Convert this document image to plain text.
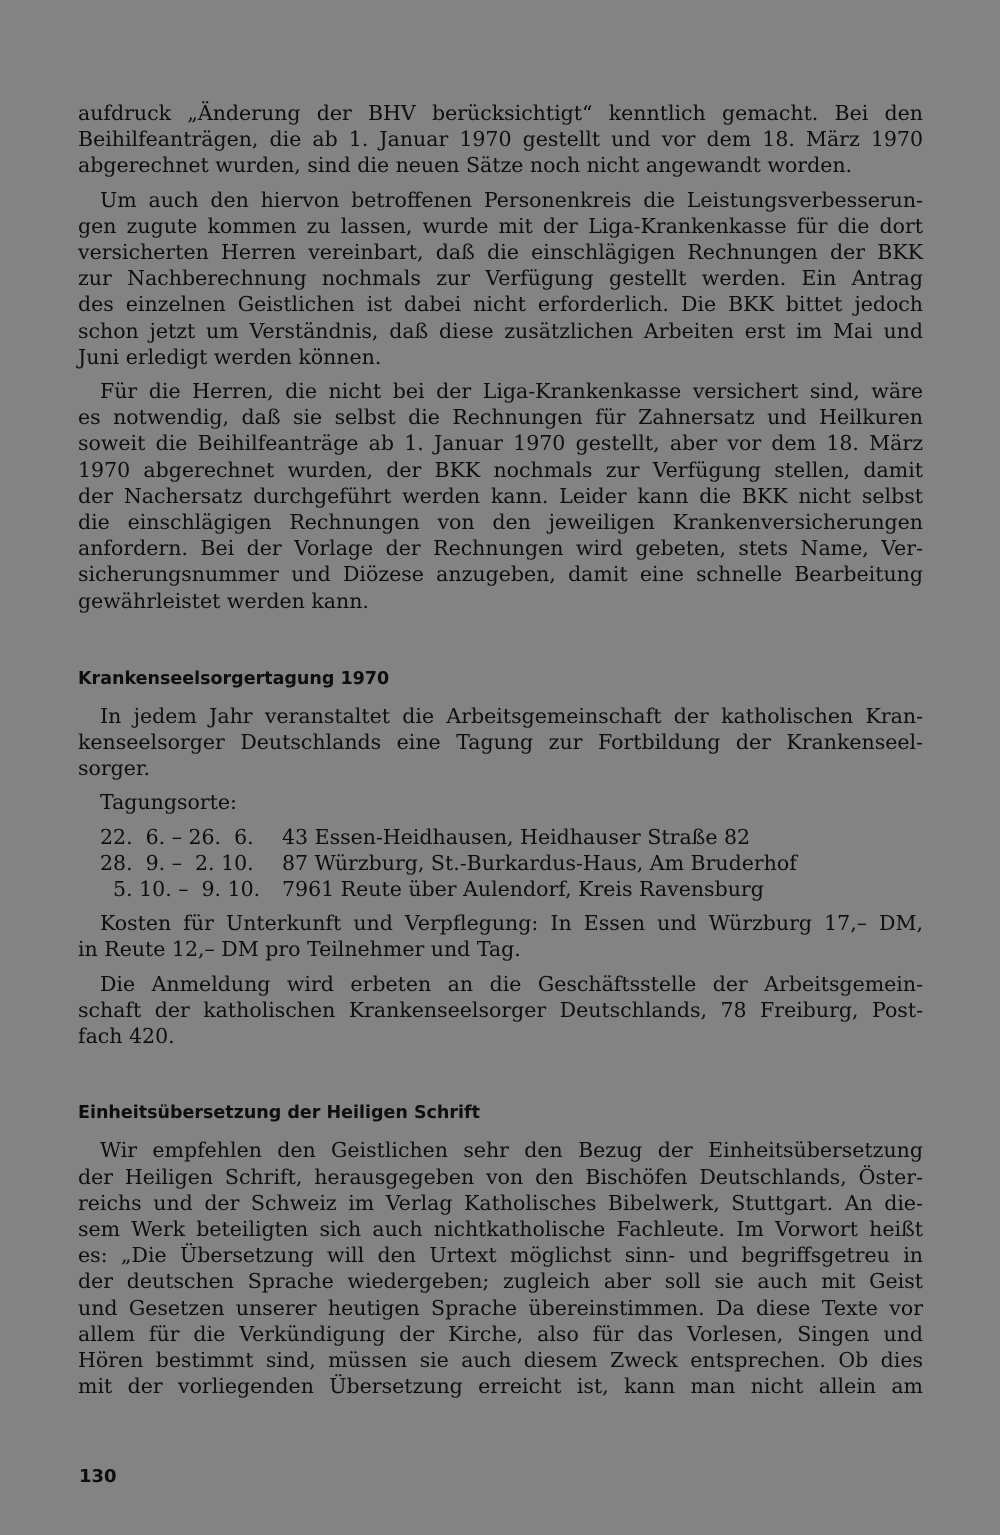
aufdruck „Änderung der BHV berücksichtigt“ kenntlich gemacht. Bei den

Beihilfeanträgen, die ab 1. Januar 1970 gestellt und vor dem 18. März 1970

abgerechnet wurden, sind die neuen Sätze noch nicht angewandt worden.

Um auch den hiervon betroffenen Personenkreis die Leistungsverbesserun-

gen zugute kommen zu lassen, wurde mit der Liga-Krankenkasse für die dort

versicherten Herren vereinbart, daß die einschlägigen Rechnungen der BKK

zur Nachberechnung nochmals zur Verfügung gestellt werden. Ein Antrag

des einzelnen Geistlichen ist dabei nicht erforderlich. Die BKK bittet jedoch

schon jetzt um Verständnis, daß diese zusätzlichen Arbeiten erst im Mai und

Juni erledigt werden können.

Für die Herren, die nicht bei der Liga-Krankenkasse versichert sind, wäre

es notwendig, daß sie selbst die Rechnungen für Zahnersatz und Heilkuren

soweit die Beihilfeanträge ab 1. Januar 1970 gestellt, aber vor dem 18. März

1970 abgerechnet wurden, der BKK nochmals zur Verfügung stellen, damit

der Nachersatz durchgeführt werden kann. Leider kann die BKK nicht selbst

die einschlägigen Rechnungen von den jeweiligen Krankenversicherungen

anfordern. Bei der Vorlage der Rechnungen wird gebeten, stets Name, Ver-

sicherungsnummer und Diözese anzugeben, damit eine schnelle Bearbeitung

gewährleistet werden kann.

Krankenseelsorgertagung 1970

In jedem Jahr veranstaltet die Arbeitsgemeinschaft der katholischen Kran-

kenseelsorger Deutschlands eine Tagung zur Fortbildung der Krankenseel-

sorger.

Tagungsorte:

22.  6. – 26.  6.	43 Essen-Heidhausen, Heidhauser Straße 82
28.  9. –  2. 10.	87 Würzburg, St.-Burkardus-Haus, Am Bruderhof
5. 10. –  9. 10.	7961 Reute über Aulendorf, Kreis Ravensburg

Kosten für Unterkunft und Verpflegung: In Essen und Würzburg 17,– DM,

in Reute 12,– DM pro Teilnehmer und Tag.

Die Anmeldung wird erbeten an die Geschäftsstelle der Arbeitsgemein-

schaft der katholischen Krankenseelsorger Deutschlands, 78 Freiburg, Post-

fach 420.

Einheitsübersetzung der Heiligen Schrift

Wir empfehlen den Geistlichen sehr den Bezug der Einheitsübersetzung

der Heiligen Schrift, herausgegeben von den Bischöfen Deutschlands, Öster-

reichs und der Schweiz im Verlag Katholisches Bibelwerk, Stuttgart. An die-

sem Werk beteiligten sich auch nichtkatholische Fachleute. Im Vorwort heißt

es: „Die Übersetzung will den Urtext möglichst sinn- und begriffsgetreu in

der deutschen Sprache wiedergeben; zugleich aber soll sie auch mit Geist

und Gesetzen unserer heutigen Sprache übereinstimmen. Da diese Texte vor

allem für die Verkündigung der Kirche, also für das Vorlesen, Singen und

Hören bestimmt sind, müssen sie auch diesem Zweck entsprechen. Ob dies

mit der vorliegenden Übersetzung erreicht ist, kann man nicht allein am

130
